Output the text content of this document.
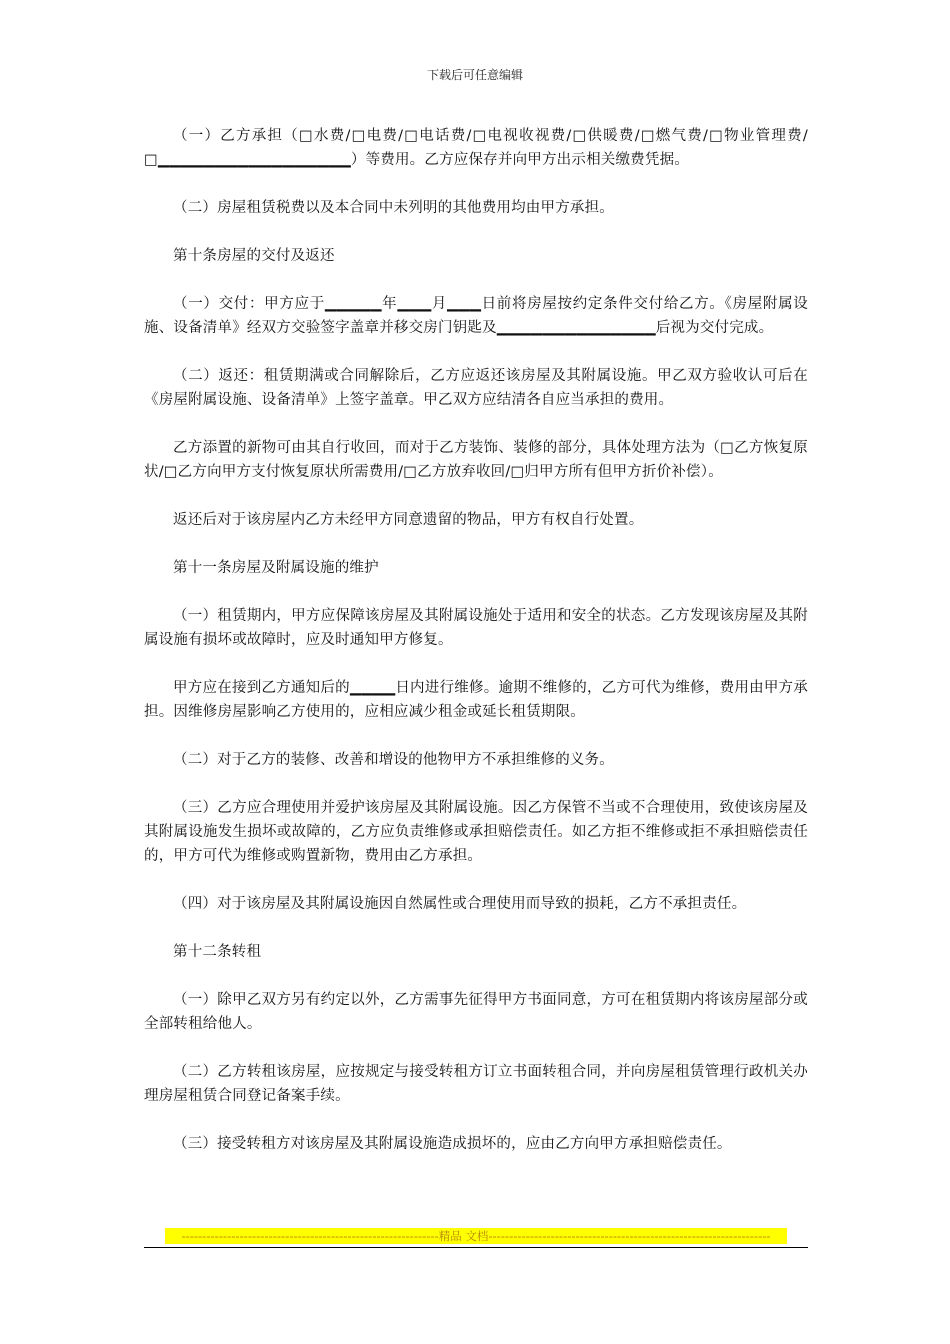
下载后可任意编辑

（一）乙方承担（□水费/□电费/□电话费/□电视收视费/□供暖费/□燃气费/□物业管理费/□▁▁▁▁▁▁▁▁▁▁▁▁▁▁▁▁▁）等费用。乙方应保存并向甲方出示相关缴费凭据。

（二）房屋租赁税费以及本合同中未列明的其他费用均由甲方承担。

第十条房屋的交付及返还

（一）交付：甲方应于▁▁▁▁▁年▁▁▁月▁▁▁日前将房屋按约定条件交付给乙方。《房屋附属设施、设备清单》经双方交验签字盖章并移交房门钥匙及▁▁▁▁▁▁▁▁▁▁▁▁▁▁后视为交付完成。

（二）返还：租赁期满或合同解除后，乙方应返还该房屋及其附属设施。甲乙双方验收认可后在《房屋附属设施、设备清单》上签字盖章。甲乙双方应结清各自应当承担的费用。

乙方添置的新物可由其自行收回，而对于乙方装饰、装修的部分，具体处理方法为（□乙方恢复原状/□乙方向甲方支付恢复原状所需费用/□乙方放弃收回/□归甲方所有但甲方折价补偿）。

返还后对于该房屋内乙方未经甲方同意遗留的物品，甲方有权自行处置。

第十一条房屋及附属设施的维护

（一）租赁期内，甲方应保障该房屋及其附属设施处于适用和安全的状态。乙方发现该房屋及其附属设施有损坏或故障时，应及时通知甲方修复。

甲方应在接到乙方通知后的▁▁▁▁日内进行维修。逾期不维修的，乙方可代为维修，费用由甲方承担。因维修房屋影响乙方使用的，应相应减少租金或延长租赁期限。

（二）对于乙方的装修、改善和增设的他物甲方不承担维修的义务。

（三）乙方应合理使用并爱护该房屋及其附属设施。因乙方保管不当或不合理使用，致使该房屋及其附属设施发生损坏或故障的，乙方应负责维修或承担赔偿责任。如乙方拒不维修或拒不承担赔偿责任的，甲方可代为维修或购置新物，费用由乙方承担。

（四）对于该房屋及其附属设施因自然属性或合理使用而导致的损耗，乙方不承担责任。

第十二条转租

（一）除甲乙双方另有约定以外，乙方需事先征得甲方书面同意，方可在租赁期内将该房屋部分或全部转租给他人。

（二）乙方转租该房屋，应按规定与接受转租方订立书面转租合同，并向房屋租赁管理行政机关办理房屋租赁合同登记备案手续。

（三）接受转租方对该房屋及其附属设施造成损坏的，应由乙方向甲方承担赔偿责任。

--------------------------------------------------------------精品 文档--------------------------------------------------------------------
